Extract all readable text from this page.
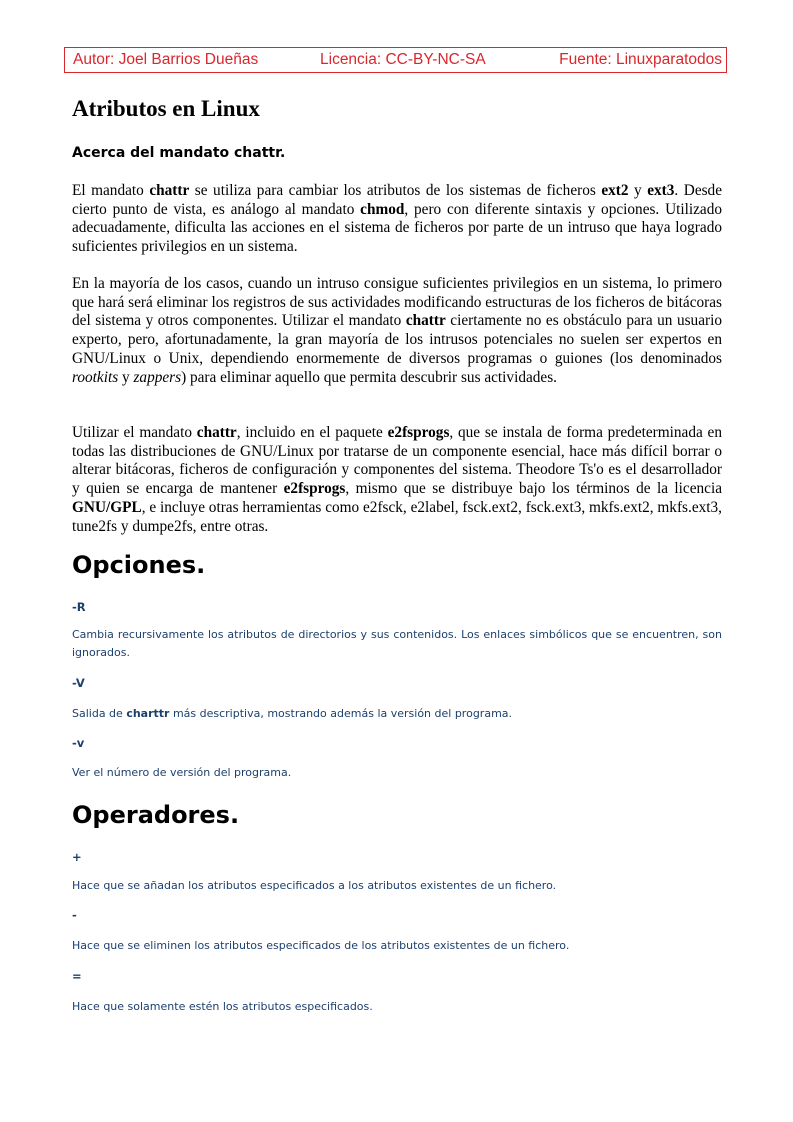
Autor: Joel Barrios Dueñas	Licencia: CC-BY-NC-SA	Fuente: Linuxparatodos
Atributos en Linux
Acerca del mandato chattr.

El mandato chattr se utiliza para cambiar los atributos de los sistemas de ficheros ext2 y ext3. Desde cierto punto de vista, es análogo al mandato chmod, pero con diferente sintaxis y opciones. Utilizado adecuadamente, dificulta las acciones en el sistema de ficheros por parte de un intruso que haya logrado suficientes privilegios en un sistema.

En la mayoría de los casos, cuando un intruso consigue suficientes privilegios en un sistema, lo primero que hará será eliminar los registros de sus actividades modificando estructuras de los ficheros de bitácoras del sistema y otros componentes. Utilizar el mandato chattr ciertamente no es obstáculo para un usuario experto, pero, afortunadamente, la gran mayoría de los intrusos potenciales no suelen ser expertos en GNU/Linux o Unix, dependiendo enormemente de diversos programas o guiones (los denominados rootkits y zappers) para eliminar aquello que permita descubrir sus actividades.

Utilizar el mandato chattr, incluido en el paquete e2fsprogs, que se instala de forma predeterminada en todas las distribuciones de GNU/Linux por tratarse de un componente esencial, hace más difícil borrar o alterar bitácoras, ficheros de configuración y componentes del sistema. Theodore Ts'o es el desarrollador y quien se encarga de mantener e2fsprogs, mismo que se distribuye bajo los términos de la licencia GNU/GPL, e incluye otras herramientas como e2fsck, e2label, fsck.ext2, fsck.ext3, mkfs.ext2, mkfs.ext3, tune2fs y dumpe2fs, entre otras.

Opciones.

-R

Cambia recursivamente los atributos de directorios y sus contenidos. Los enlaces simbólicos que se encuentren, son ignorados.

-V

Salida de charttr más descriptiva, mostrando además la versión del programa.

-v

Ver el número de versión del programa.

Operadores.

+

Hace que se añadan los atributos especificados a los atributos existentes de un fichero.

-

Hace que se eliminen los atributos especificados de los atributos existentes de un fichero.

=

Hace que solamente estén los atributos especificados.
